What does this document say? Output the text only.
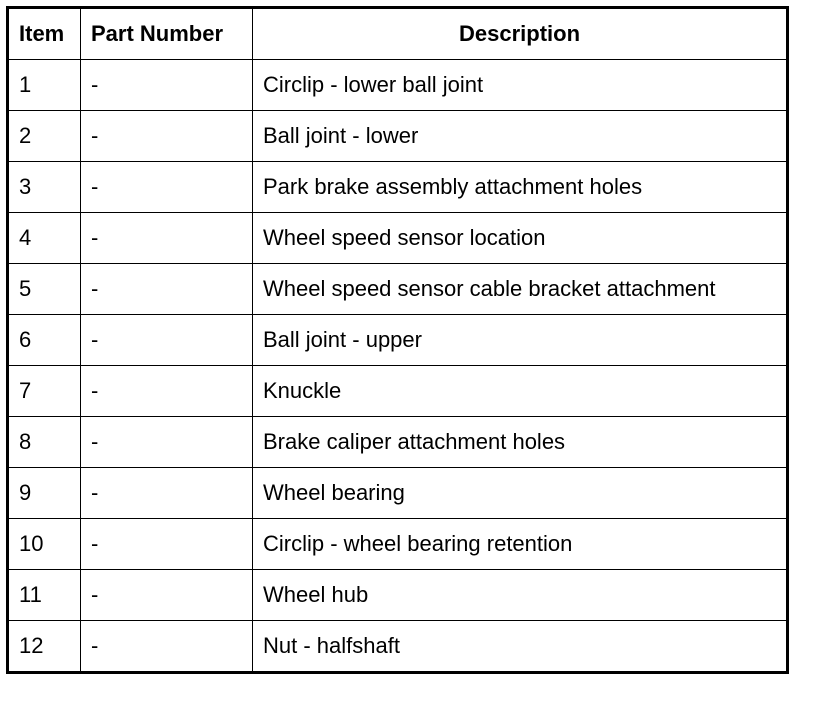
Item	Part Number	Description
1	-	Circlip - lower ball joint
2	-	Ball joint - lower
3	-	Park brake assembly attachment holes
4	-	Wheel speed sensor location
5	-	Wheel speed sensor cable bracket attachment
6	-	Ball joint - upper
7	-	Knuckle
8	-	Brake caliper attachment holes
9	-	Wheel bearing
10	-	Circlip - wheel bearing retention
11	-	Wheel hub
12	-	Nut - halfshaft
